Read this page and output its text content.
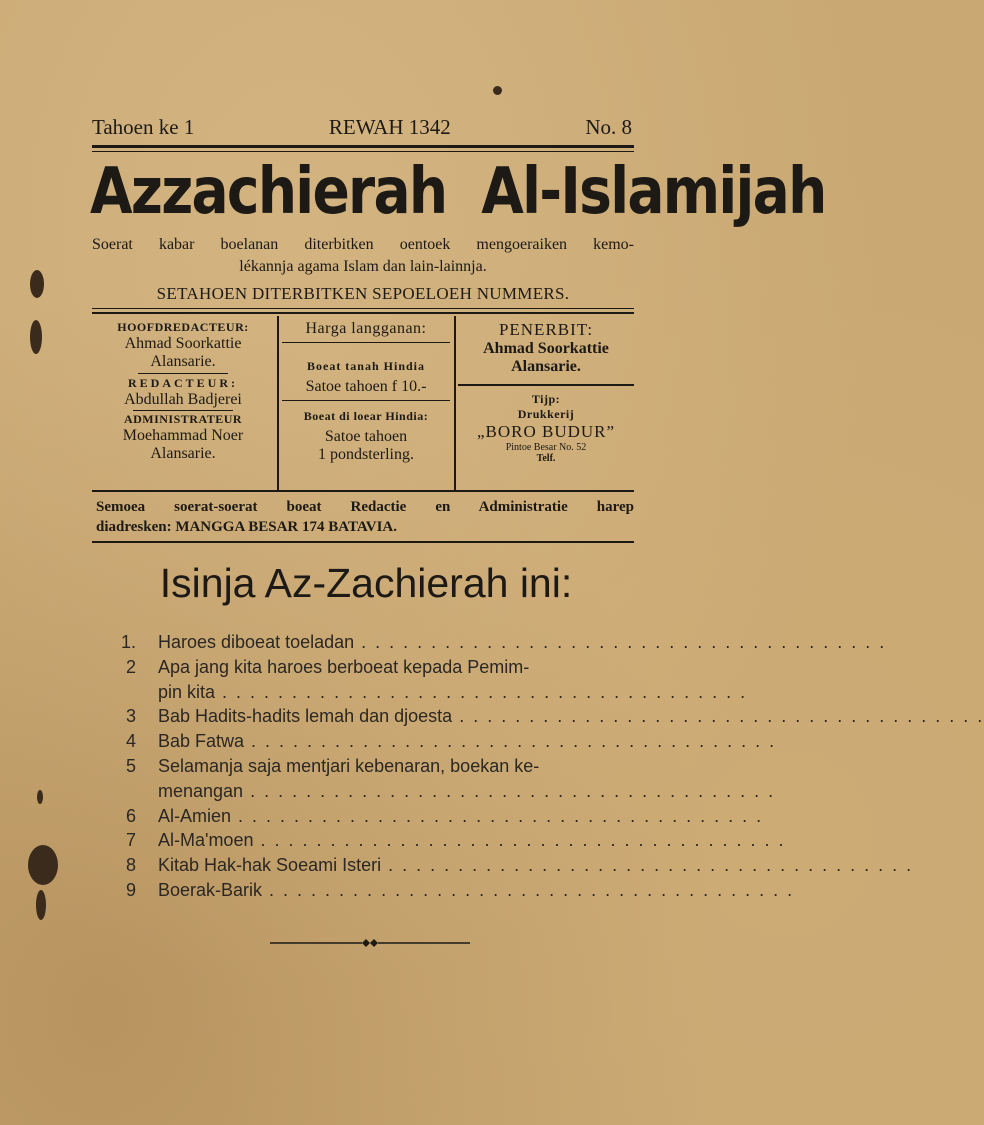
Tahoen ke 1	REWAH 1342	No. 8
Azzachierah Al-Islamijah
Soerat kabar boelanan diterbitken oentoek mengoeraiken kemo-
lékannja agama Islam dan lain-lainnja.
SETAHOEN DITERBITKEN SEPOELOEH NUMMERS.
HOOFDREDACTEUR:
Ahmad Soorkattie
Alansarie.
REDACTEUR:
Abdullah Badjerei
ADMINISTRATEUR
Moehammad Noer
Alansarie.
Harga langganan:
Boeat tanah Hindia
Satoe tahoen f 10.-
Boeat di loear Hindia:
Satoe tahoen
1 pondsterling.
PENERBIT:
Ahmad Soorkattie
Alansarie.
Tijp:
Drukkerij
„BORO BUDUR”
Pintoe Besar No. 52
Telf.
Semoea soerat-soerat boeat Redactie en Administratie harep
diadresken: MANGGA BESAR 174 BATAVIA.
Isinja Az-Zachierah ini:
1. Haroes diboeat toeladan . . .
2 Apa jang kita haroes berboeat kepada Pemim-
pin kita . . .
3 Bab Hadits-hadits lemah dan djoesta . . .
4 Bab Fatwa . . .
5 Selamanja saja mentjari kebenaran, boekan ke-
menangan . . .
6 Al-Amien . . .
7 Al-Ma'moen . . .
8 Kitab Hak-hak Soeami Isteri . . .
9 Boerak-Barik . . .
